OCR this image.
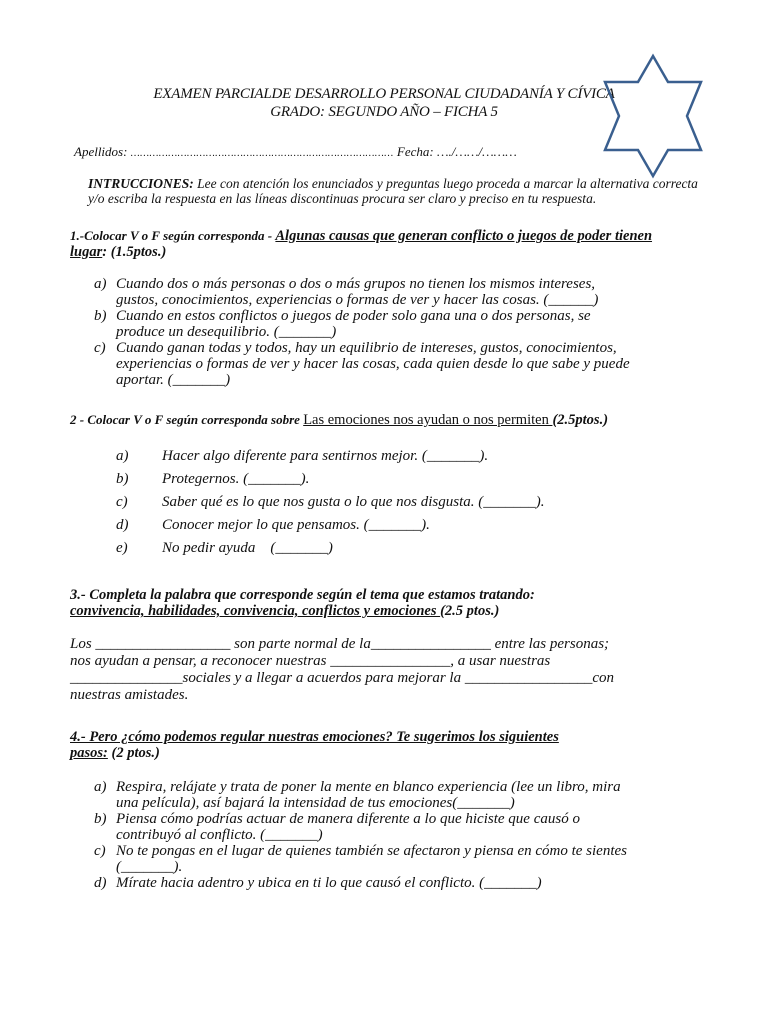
EXAMEN PARCIALDE DESARROLLO PERSONAL CIUDADANÍA Y CÍVICA
GRADO: SEGUNDO AÑO – FICHA 5
Apellidos: ………………………………………………………………………… Fecha: …./……/………
INTRUCCIONES: Lee con atención los enunciados y preguntas luego proceda a marcar la alternativa correcta y/o escriba la respuesta en las líneas discontinuas procura ser claro y preciso en tu respuesta.
1.-Colocar V o F según corresponda - Algunas causas que generan conflicto o juegos de poder tienen lugar: (1.5ptos.)
a) Cuando dos o más personas o dos o más grupos no tienen los mismos intereses,
gustos, conocimientos, experiencias o formas de ver y hacer las cosas. (______)
b) Cuando en estos conflictos o juegos de poder solo gana una o dos personas, se
produce un desequilibrio. (_______)
c) Cuando ganan todas y todos, hay un equilibrio de intereses, gustos, conocimientos,
experiencias o formas de ver y hacer las cosas, cada quien desde lo que sabe y puede
aportar. (_______)
2 - Colocar V o F según corresponda sobre Las emociones nos ayudan o nos permiten (2.5ptos.)
a) Hacer algo diferente para sentirnos mejor. (_______).
b) Protegernos. (_______).
c) Saber qué es lo que nos gusta o lo que nos disgusta. (_______).
d) Conocer mejor lo que pensamos. (_______).
e) No pedir ayuda    (_______)
3.- Completa la palabra que corresponde según el tema que estamos tratando:
convivencia, habilidades, convivencia, conflictos y emociones (2.5 ptos.)
Los __________________ son parte normal de la________________ entre las personas;
nos ayudan a pensar, a reconocer nuestras ________________, a usar nuestras
_______________sociales y a llegar a acuerdos para mejorar la _________________con
nuestras amistades.
4.- Pero ¿cómo podemos regular nuestras emociones? Te sugerimos los siguientes
pasos: (2 ptos.)
a) Respira, relájate y trata de poner la mente en blanco experiencia (lee un libro, mira
una película), así bajará la intensidad de tus emociones(_______)
b) Piensa cómo podrías actuar de manera diferente a lo que hiciste que causó o
contribuyó al conflicto. (_______)
c) No te pongas en el lugar de quienes también se afectaron y piensa en cómo te sientes
(_______).
d) Mírate hacia adentro y ubica en ti lo que causó el conflicto. (_______)
